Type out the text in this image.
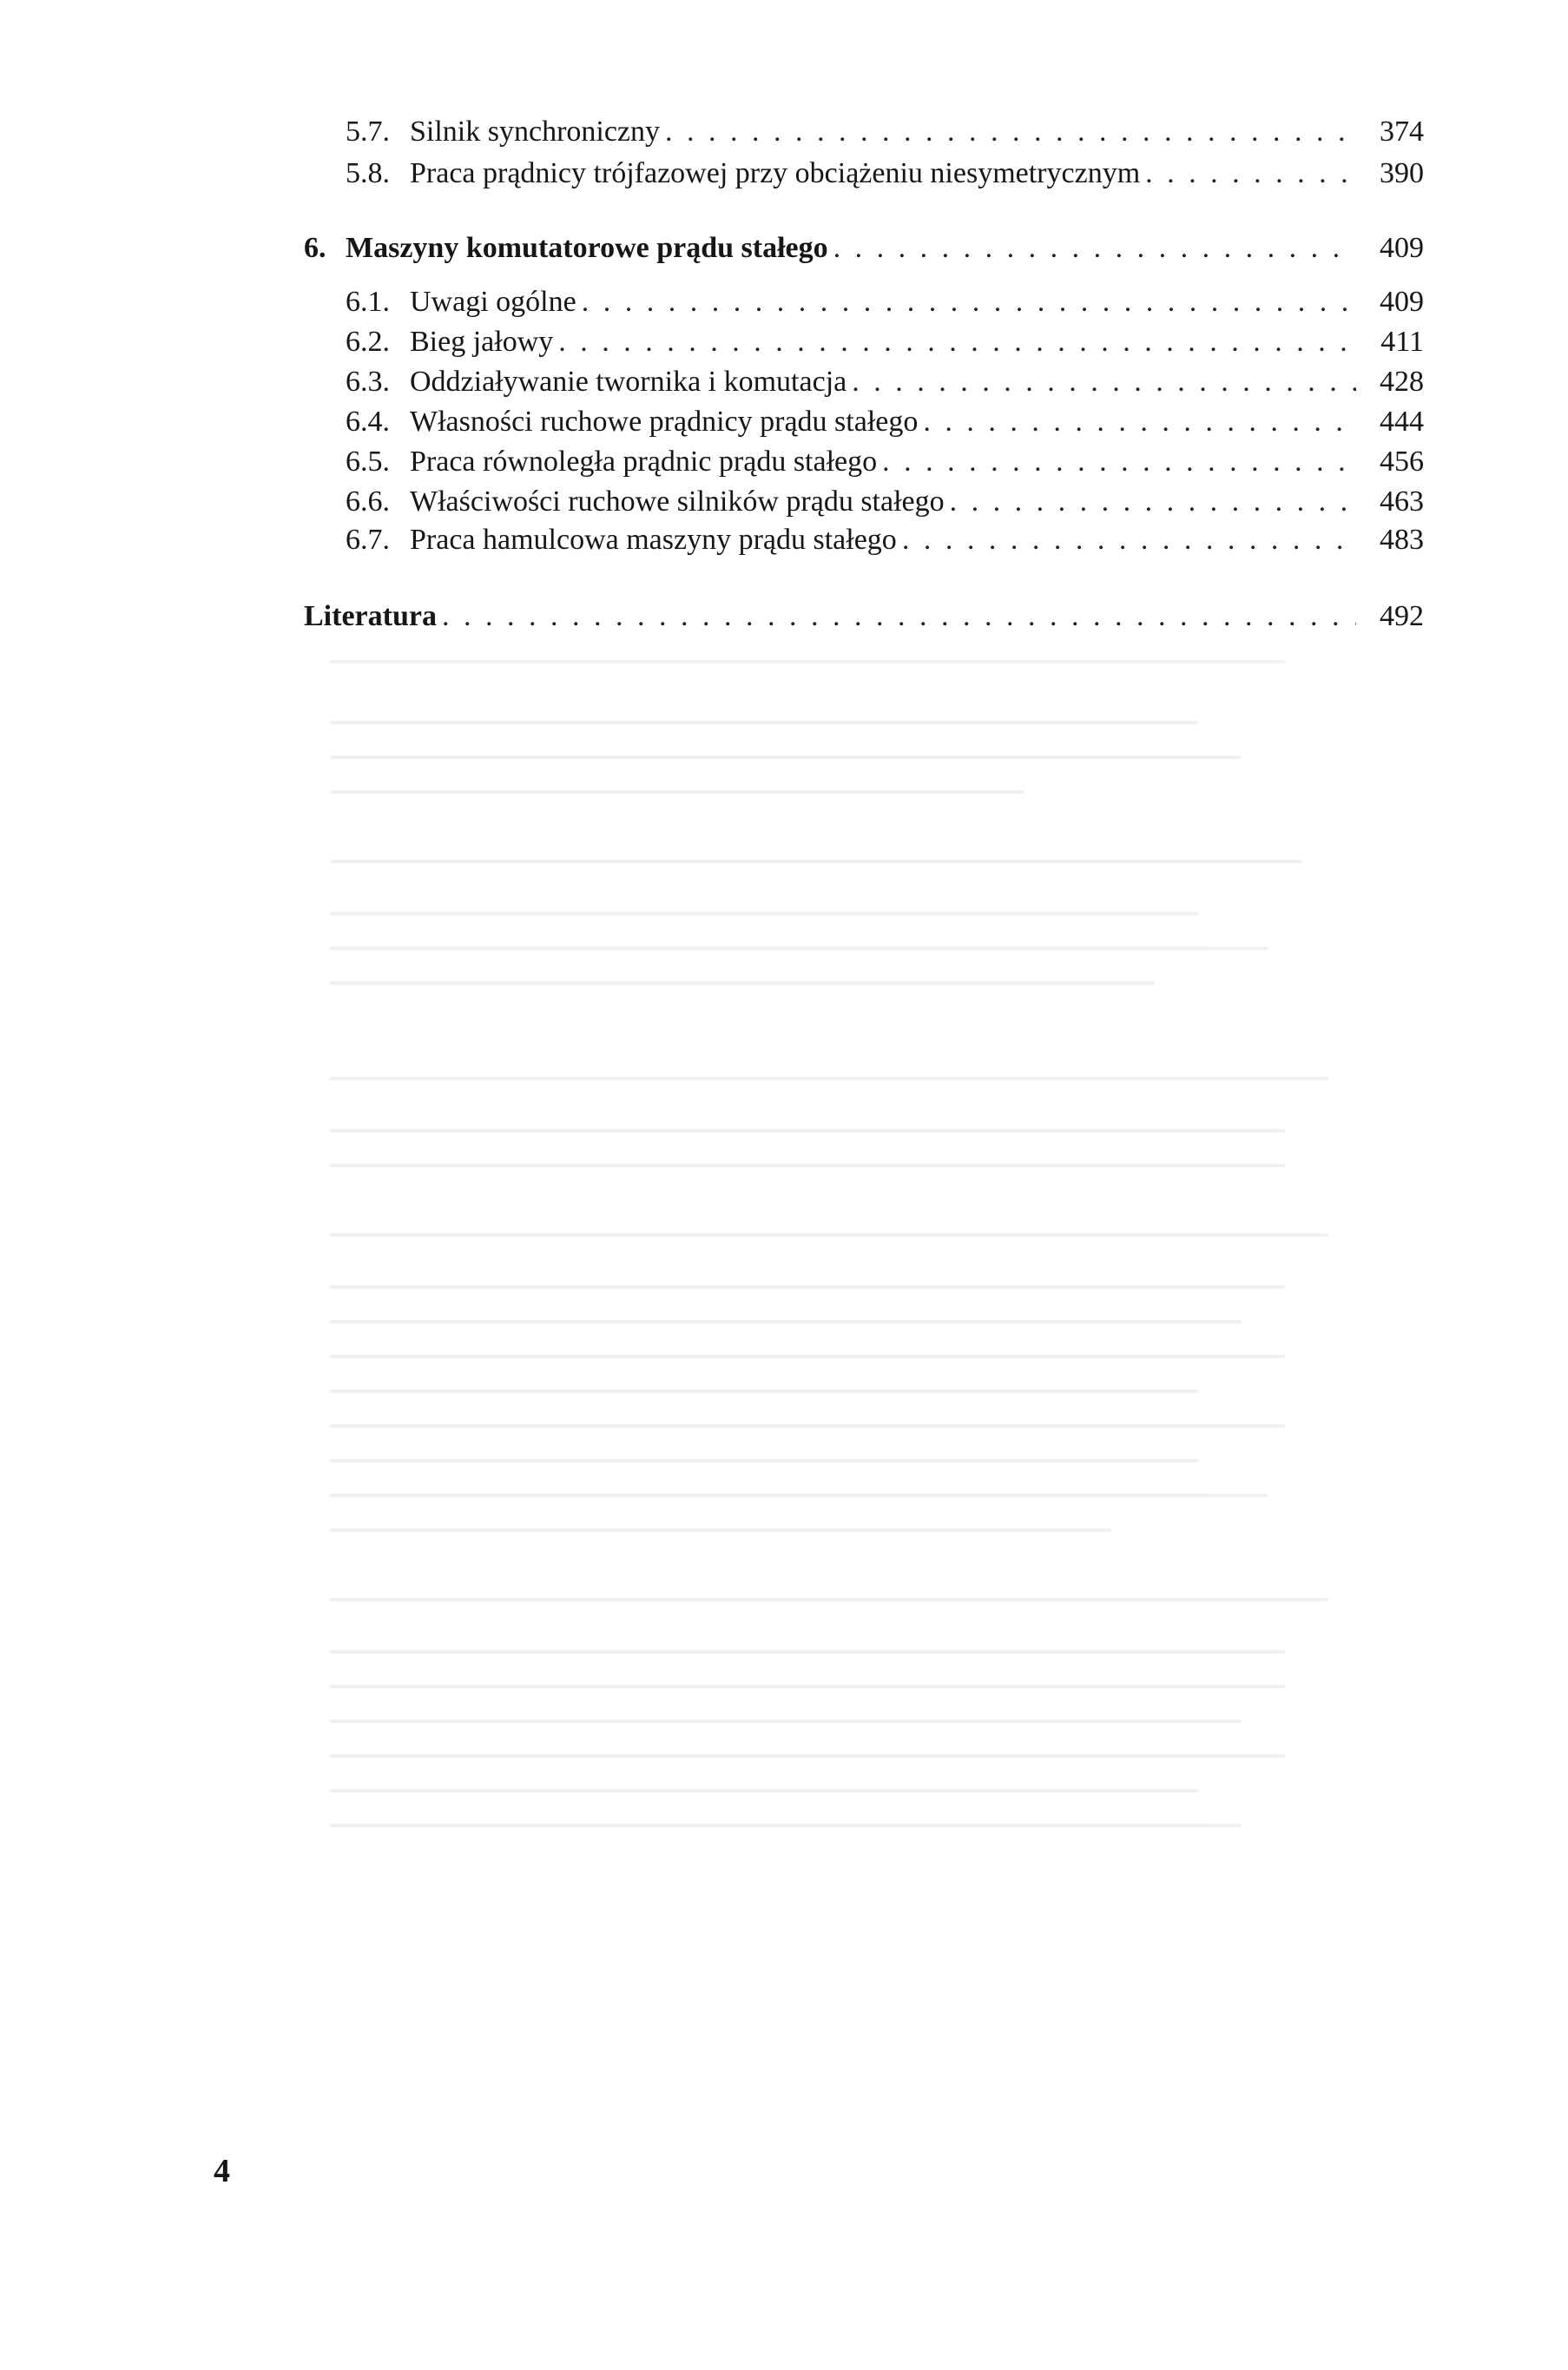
5.7. Silnik synchroniczny . . .	374
5.8. Praca prądnicy trójfazowej przy obciążeniu niesymetrycznym . . .	390
6. Maszyny komutatorowe prądu stałego . . .	409
6.1. Uwagi ogólne . . .	409
6.2. Bieg jałowy . . .	411
6.3. Oddziaływanie twornika i komutacja . . .	428
6.4. Własności ruchowe prądnicy prądu stałego . . .	444
6.5. Praca równoległa prądnic prądu stałego . . .	456
6.6. Właściwości ruchowe silników prądu stałego . . .	463
6.7. Praca hamulcowa maszyny prądu stałego . . .	483
Literatura . . .	492
4
